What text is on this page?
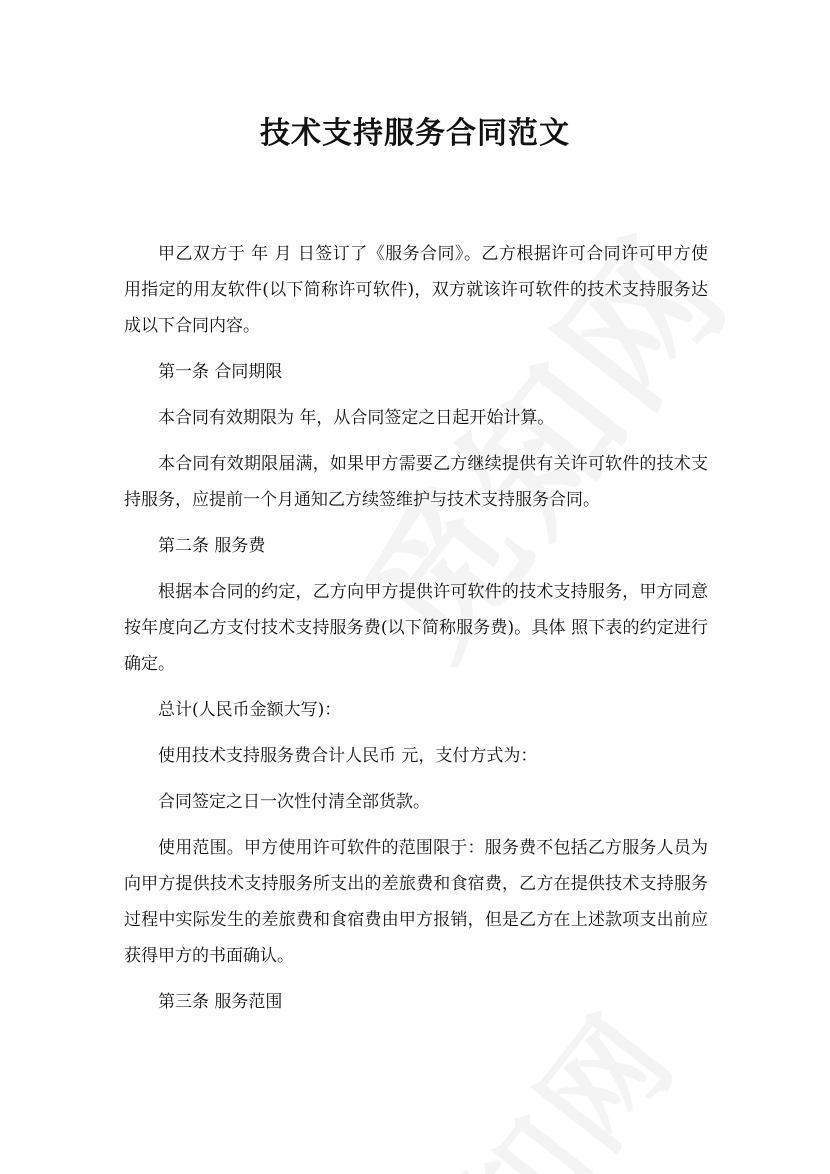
技术支持服务合同范文

甲乙双方于 年 月 日签订了《服务合同》。乙方根据许可合同许可甲方使用指定的用友软件(以下简称许可软件)，双方就该许可软件的技术支持服务达成以下合同内容。

第一条 合同期限

本合同有效期限为 年，从合同签定之日起开始计算。

本合同有效期限届满，如果甲方需要乙方继续提供有关许可软件的技术支持服务，应提前一个月通知乙方续签维护与技术支持服务合同。

第二条 服务费

根据本合同的约定，乙方向甲方提供许可软件的技术支持服务，甲方同意按年度向乙方支付技术支持服务费(以下简称服务费)。具体 照下表的约定进行确定。

总计(人民币金额大写)：

使用技术支持服务费合计人民币 元，支付方式为：

合同签定之日一次性付清全部货款。

使用范围。甲方使用许可软件的范围限于：服务费不包括乙方服务人员为向甲方提供技术支持服务所支出的差旅费和食宿费，乙方在提供技术支持服务过程中实际发生的差旅费和食宿费由甲方报销，但是乙方在上述款项支出前应获得甲方的书面确认。

第三条 服务范围
